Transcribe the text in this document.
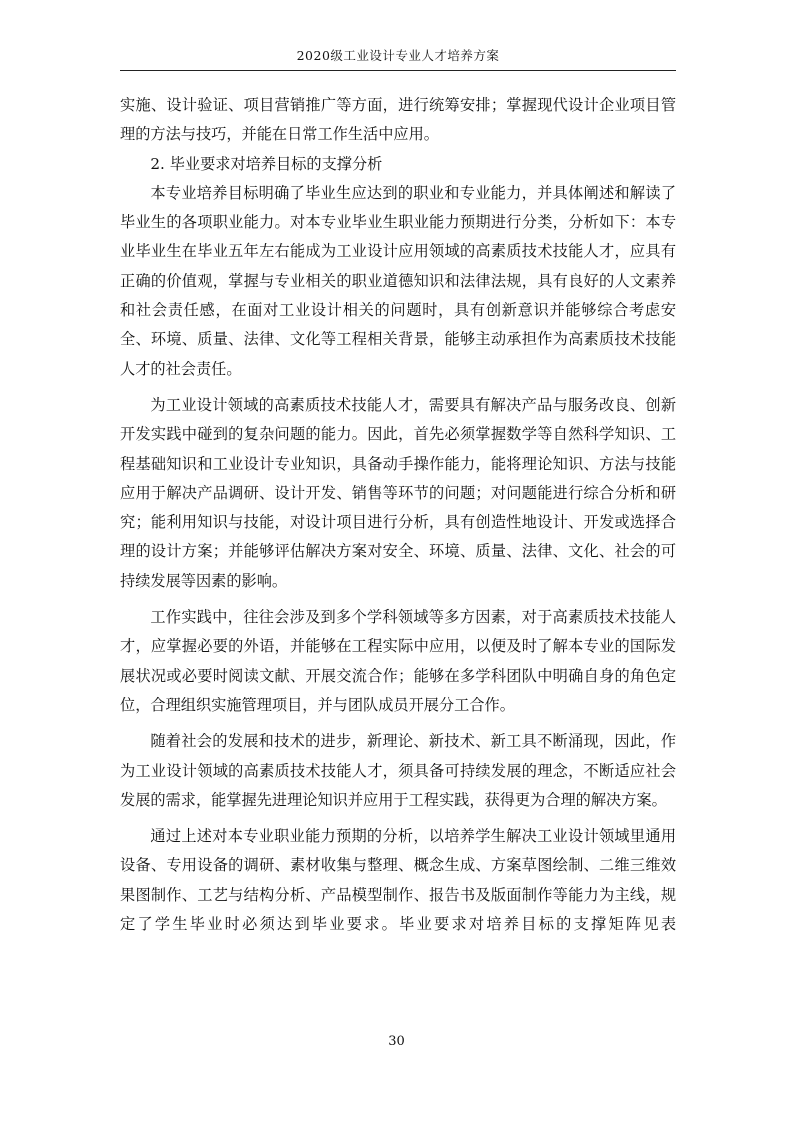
2020级工业设计专业人才培养方案

实施、设计验证、项目营销推广等方面，进行统筹安排；掌握现代设计企业项目管理的方法与技巧，并能在日常工作生活中应用。

2. 毕业要求对培养目标的支撑分析

本专业培养目标明确了毕业生应达到的职业和专业能力，并具体阐述和解读了毕业生的各项职业能力。对本专业毕业生职业能力预期进行分类，分析如下：本专业毕业生在毕业五年左右能成为工业设计应用领域的高素质技术技能人才，应具有正确的价值观，掌握与专业相关的职业道德知识和法律法规，具有良好的人文素养和社会责任感，在面对工业设计相关的问题时，具有创新意识并能够综合考虑安全、环境、质量、法律、文化等工程相关背景，能够主动承担作为高素质技术技能人才的社会责任。

为工业设计领域的高素质技术技能人才，需要具有解决产品与服务改良、创新开发实践中碰到的复杂问题的能力。因此，首先必须掌握数学等自然科学知识、工程基础知识和工业设计专业知识，具备动手操作能力，能将理论知识、方法与技能应用于解决产品调研、设计开发、销售等环节的问题；对问题能进行综合分析和研究；能利用知识与技能，对设计项目进行分析，具有创造性地设计、开发或选择合理的设计方案；并能够评估解决方案对安全、环境、质量、法律、文化、社会的可持续发展等因素的影响。

工作实践中，往往会涉及到多个学科领域等多方因素，对于高素质技术技能人才，应掌握必要的外语，并能够在工程实际中应用，以便及时了解本专业的国际发展状况或必要时阅读文献、开展交流合作；能够在多学科团队中明确自身的角色定位，合理组织实施管理项目，并与团队成员开展分工合作。

随着社会的发展和技术的进步，新理论、新技术、新工具不断涌现，因此，作为工业设计领域的高素质技术技能人才，须具备可持续发展的理念，不断适应社会发展的需求，能掌握先进理论知识并应用于工程实践，获得更为合理的解决方案。

通过上述对本专业职业能力预期的分析，以培养学生解决工业设计领域里通用设备、专用设备的调研、素材收集与整理、概念生成、方案草图绘制、二维三维效果图制作、工艺与结构分析、产品模型制作、报告书及版面制作等能力为主线，规定了学生毕业时必须达到毕业要求。毕业要求对培养目标的支撑矩阵见表

30
